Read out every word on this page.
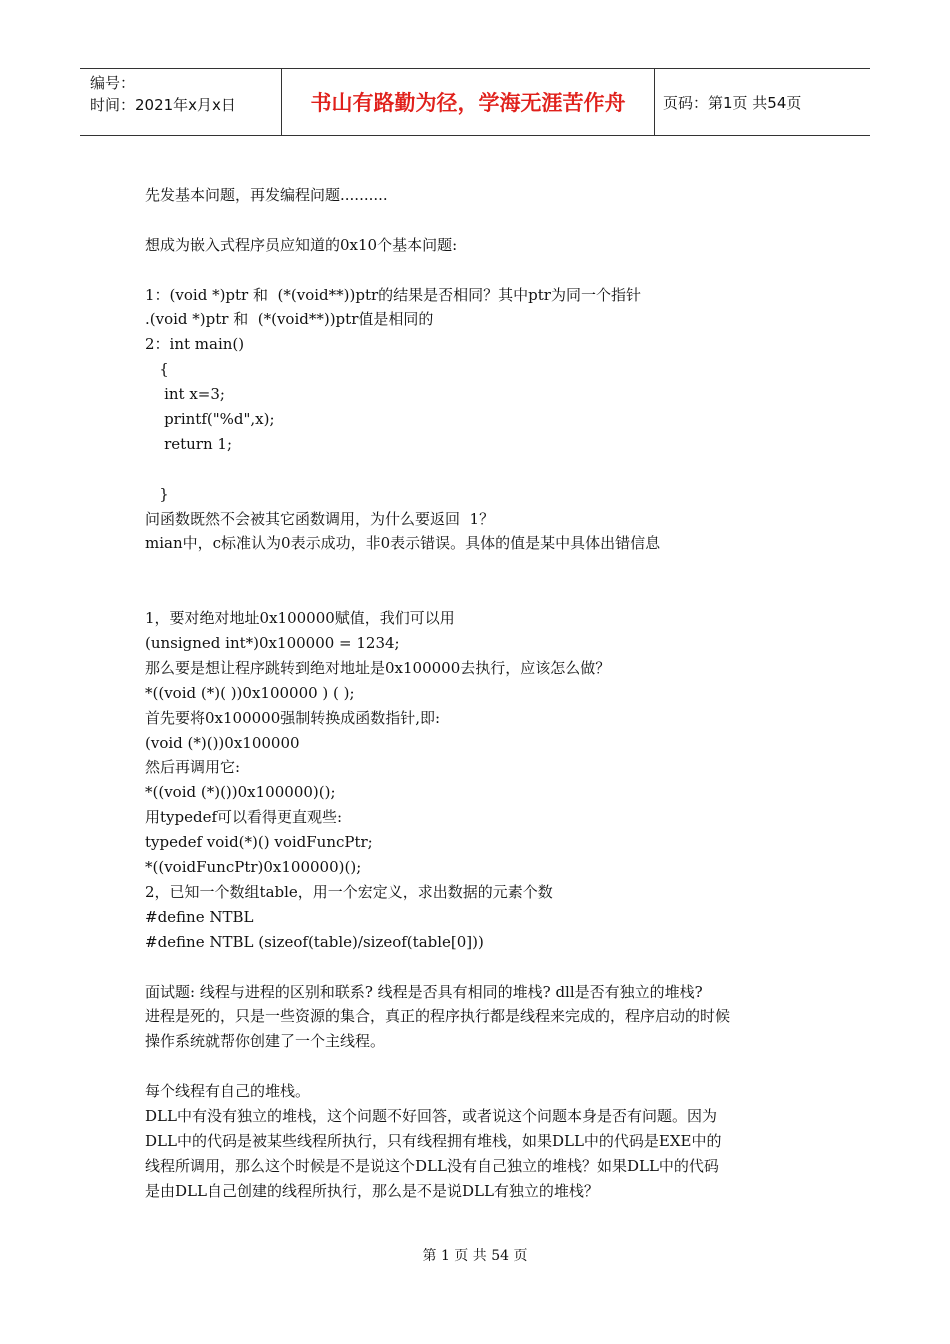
编号：
时间：2021年x月x日	书山有路勤为径，学海无涯苦作舟	页码：第1页 共54页
先发基本问题，再发编程问题..........
想成为嵌入式程序员应知道的0x10个基本问题:
1：(void *)ptr 和  (*(void**))ptr的结果是否相同？其中ptr为同一个指针
.(void *)ptr 和  (*(void**))ptr值是相同的
2：int main()
{
int x=3;
printf("%d",x);
return 1;
}
问函数既然不会被其它函数调用，为什么要返回  1？
mian中，c标准认为0表示成功，非0表示错误。具体的值是某中具体出错信息
1，要对绝对地址0x100000赋值，我们可以用
(unsigned int*)0x100000 = 1234;
那么要是想让程序跳转到绝对地址是0x100000去执行，应该怎么做？
*((void (*)( ))0x100000 ) ( );
首先要将0x100000强制转换成函数指针,即:
(void (*)())0x100000
然后再调用它:
*((void (*)())0x100000)();
用typedef可以看得更直观些:
typedef void(*)() voidFuncPtr;
*((voidFuncPtr)0x100000)();
2，已知一个数组table，用一个宏定义，求出数据的元素个数
#define NTBL
#define NTBL (sizeof(table)/sizeof(table[0]))
面试题: 线程与进程的区别和联系? 线程是否具有相同的堆栈? dll是否有独立的堆栈?
进程是死的，只是一些资源的集合，真正的程序执行都是线程来完成的，程序启动的时候
操作系统就帮你创建了一个主线程。
每个线程有自己的堆栈。
DLL中有没有独立的堆栈，这个问题不好回答，或者说这个问题本身是否有问题。因为
DLL中的代码是被某些线程所执行，只有线程拥有堆栈，如果DLL中的代码是EXE中的
线程所调用，那么这个时候是不是说这个DLL没有自己独立的堆栈？如果DLL中的代码
是由DLL自己创建的线程所执行，那么是不是说DLL有独立的堆栈？
第 1 页 共 54 页
